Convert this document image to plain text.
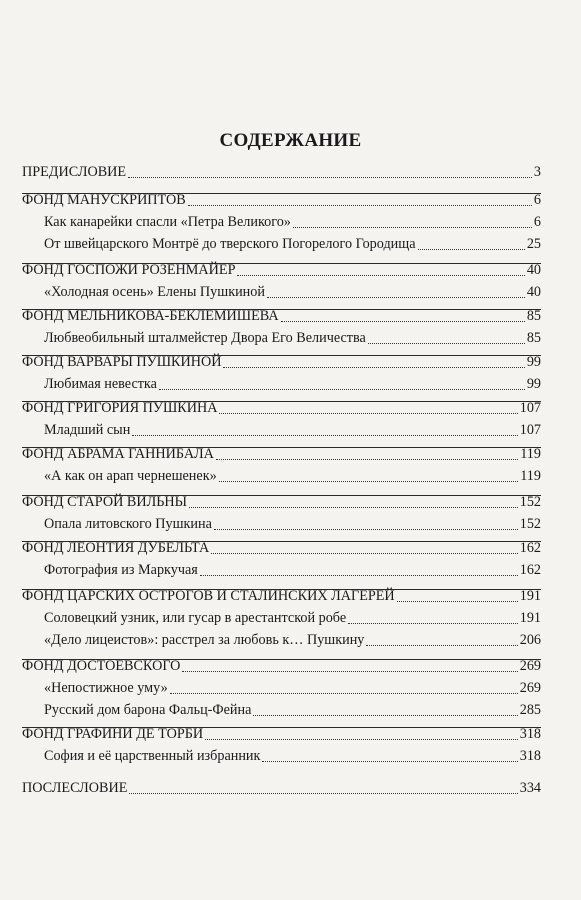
СОДЕРЖАНИЕ
ПРЕДИСЛОВИЕ	3
ФОНД МАНУСКРИПТОВ	6
Как канарейки спасли «Петра Великого»	6
От швейцарского Монтрё до тверского Погорелого Городища	25
ФОНД ГОСПОЖИ РОЗЕНМАЙЕР	40
«Холодная осень» Елены Пушкиной	40
ФОНД МЕЛЬНИКОВА-БЕКЛЕМИШЕВА	85
Любвеобильный шталмейстер Двора Его Величества	85
ФОНД ВАРВАРЫ ПУШКИНОЙ	99
Любимая невестка	99
ФОНД ГРИГОРИЯ ПУШКИНА	107
Младший сын	107
ФОНД АБРАМА ГАННИБАЛА	119
«А как он арап чернешенек»	119
ФОНД СТАРОЙ ВИЛЬНЫ	152
Опала литовского Пушкина	152
ФОНД ЛЕОНТИЯ ДУБЕЛЬТА	162
Фотография из Маркучая	162
ФОНД ЦАРСКИХ ОСТРОГОВ И СТАЛИНСКИХ ЛАГЕРЕЙ	191
Соловецкий узник, или гусар в арестантской робе	191
«Дело лицеистов»: расстрел за любовь к… Пушкину	206
ФОНД ДОСТОЕВСКОГО	269
«Непостижное уму»	269
Русский дом барона Фальц-Фейна	285
ФОНД ГРАФИНИ ДЕ ТОРБИ	318
София и её царственный избранник	318
ПОСЛЕСЛОВИЕ	334
